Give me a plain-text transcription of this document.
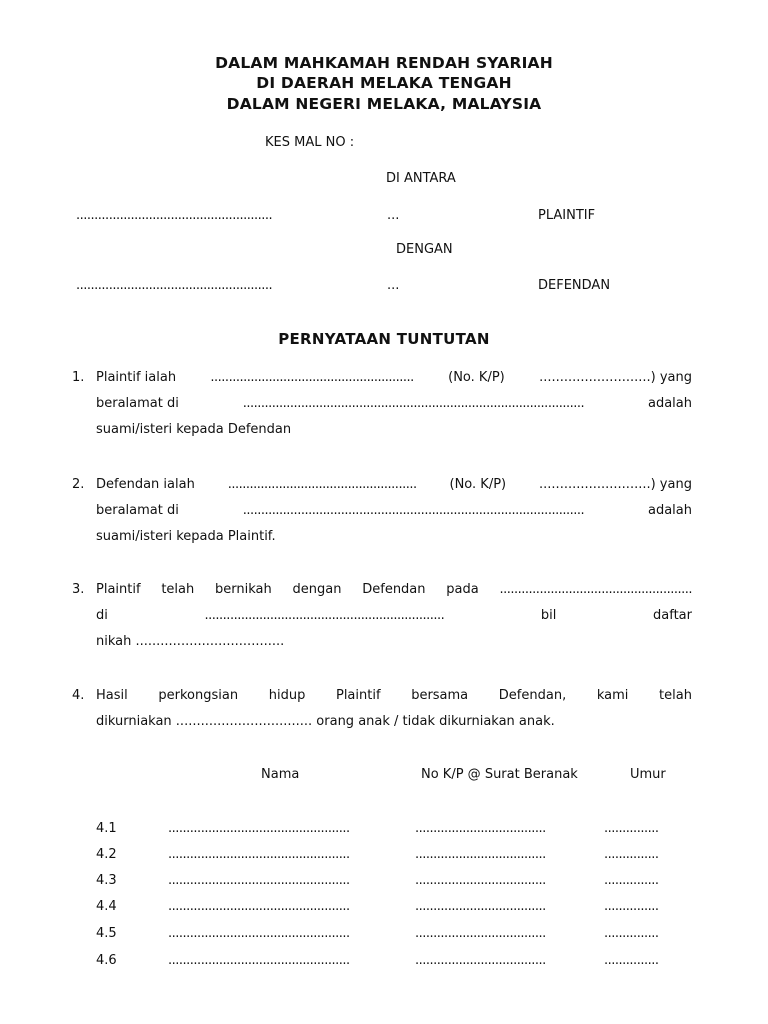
DALAM MAHKAMAH RENDAH SYARIAH
DI DAERAH MELAKA TENGAH
DALAM NEGERI MELAKA, MALAYSIA
KES MAL NO :
DI ANTARA
......................................................	...	PLAINTIF
DENGAN
......................................................	...	DEFENDAN
PERNYATAAN TUNTUTAN
1. Plaintif ialah	........................................................	(No. K/P)	...........................) yang
beralamat di	..............................................................................................	adalah
suami/isteri kepada Defendan
2. Defendan ialah	....................................................	(No. K/P)	...........................) yang
beralamat di	..............................................................................................	adalah
suami/isteri kepada Plaintif.
3. Plaintif telah bernikah dengan Defendan pada .....................................................
di	..................................................................	bil	daftar
nikah ....................................
4. Hasil perkongsian hidup Plaintif bersama Defendan, kami telah
dikurniakan ................................. orang anak / tidak dikurniakan anak.
Nama	No K/P @ Surat Beranak	Umur
4.1	..................................................	....................................	...............
4.2	..................................................	....................................	...............
4.3	..................................................	....................................	...............
4.4	..................................................	....................................	...............
4.5	..................................................	....................................	...............
4.6	..................................................	....................................	...............
